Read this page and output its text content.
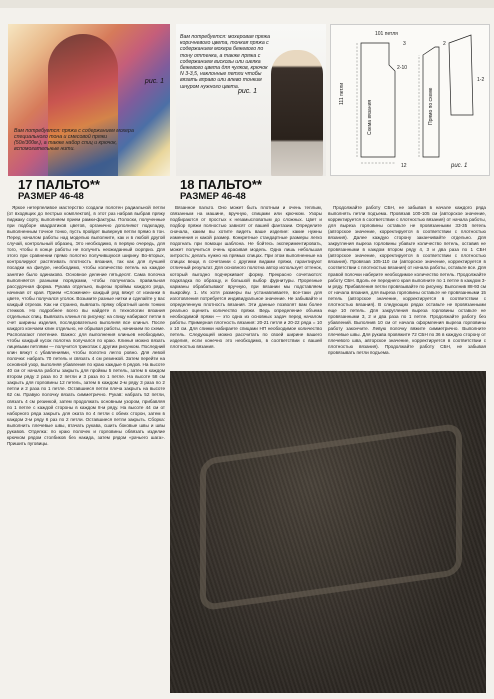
рис. 1
Вам потребуется: пряжа с содержанием мохера специального тона и смесовой пряжи (50г/300м.), а также набор спиц и крючок, вспомогательные нити.
Вам потребуется: мохеровая пряжа коричневого цвета, тонкая пряжа с содержанием мохера бежевого по тону оттенка, а также пряжа с содержанием вискозы или шелка бежевого цвета для чулков, крючок N 3-3,5, наклонные петли чтобы вязать вправо или влево тонким шнуром нужного цвета.
рис. 1
101 петля
3	2
2-10
111 петли
Схема вязания	Прямо по схеме
1-2
рис. 1
12
17 ПАЛЬТО**
РАЗМЕР 46-48
18 ПАЛЬТО**
РАЗМЕР 46-48

Яркое нетерпеливое мастерство создали полотен радиальной петли (от входящих до пестрых комплектов), в этот раз набрав выбрав пряжу пиджаку сорту, выполняем прием рамки-фактуры. Полоски, полученные при подборе квадратиков цветов, органично дополняют подкладку, выполненным точное тонко, пусть пройдет вывернув петли прямо в тон. Перед началом работы над моделью выполните, как и в любой другой случай, контрольный образец. Это необходимо, в первую очередь, для того, чтобы в конце работы не получить неожиданный сюрприз. Для этого при сравнении прямо полотно получившуюся ширину. Во-вторых, контролируют растягивать плотность вязания, так как для лучшей посадки на фигуре, необходимо, чтобы количество петель на каждое занятие было одинаково. Основное деление пятьдесят. Сама полочка выполняется разными порядками, чтобы получилась правильная рассудочная форма. Рукава отдельно, вырезы проймы каждого ряда, начиная от края. Прием «Сложение» каждый ряд вяжут от изнанки в цвете, чтобы получался уголок. Возьмите разные нитки и сделайте у вас каждый отрезок. Как ни странно, вывязать пряжу обратный шелк тонких стежков. Но подробнее всего вы найдете в технологии вязания отдельных спиц. Вывязать клинья по рисунку: на спицу набирают петли в счет ширины изделия, последовательно выполняя все клинья. После каждого кончаем клин отдельно, не обрывая работы, начинаем по схеме. Располагают плетение. Важно: для выполнения клиньев необходимо, чтобы каждый кусок полотна получался по краю. Клинья можно вязать лицевыми петлями — получится трикотаж с другим рисунком. Последний клин вяжут с убавлениями, чтобы полотно легло ровно. Для левой полочки: набрать 70 петель и связать 4 см резинкой. Затем перейти на основной узор, выполняя убавления по краю каждые 6 рядов. На высоте 40 см от начала работы закрыть для проймы 5 петель, затем в каждом втором ряду 2 раза по 2 петли и 3 раза по 1 петле. На высоте 58 см закрыть для горловины 12 петель, затем в каждом 2-м ряду 3 раза по 2 петли и 2 раза по 1 петле. Оставшиеся петли плеча закрыть на высоте 62 см. Правую полочку вязать симметрично. Рукав: набрать 52 петли, связать 4 см резинкой, затем продолжать основным узором, прибавляя по 1 петле с каждой стороны в каждом 8-м ряду. На высоте 44 см от наборного ряда закрыть для оката по 4 петли с обеих сторон, затем в каждом 2-м ряду 6 раз по 2 петли. Оставшиеся петли закрыть. Сборка: выполнить плечевые швы, втачать рукава, сшить боковые швы и швы рукавов. Отделка: по краю полочек и горловины обвязать изделие крючком рядом столбиков без накида, затем рядом «рачьего шага». Пришить пуговицы.

Вязанное пальто. Оно может быть плотным и очень теплым, связанным на машине, вручную, спицами или крючком. Узоры подбираются от простых к незамысловатым до сложных. Цвет и подбор пряжи полностью зависят от вашей фантазии. Определите сначала, каким вы хотите видеть ваше изделие: какие нужны изменения и какой размер. Конкретные стандартные размеры легко подогнать при помощи шаблона. Не бойтесь экспериментировать, может получиться очень красивая модель. Одна лишь небольшая хитрость: делать нужно на прямых спицах. При этом выполненные на спицах вещи, в сочетании с другими видами пряжи, гарантируют отличный результат. Для основного полотна автор использует оттенок, который выгодно подчеркивает форму. Прекрасно сочетаются: подкладка по образцу, и большой выбор фурнитуры. Прорезные карманы обрабатывают вручную, при вязании мы подставляем выкройку. 1. Их хотя размеры вы устанавливаете, все-таки для изготовления потребуется индивидуальное значение. Не забывайте и определенную плотность вязания. Эти данные позволят вам более реально оценить количество пряжи. Ведь определение объема необходимой пряжи — это одна из основных задач перед началом работы. Примерная плотность вязания: 20-21 петля и 20-22 ряда = 10 х 10 см. Для спинки набираете спицами НП необходимое количество петель. Следующей можно рассчитать по своей ширине вашего изделия, если конечно это необходимо, в соответствии с вашей плотностью вязания.

Продолжайте работу СБН, не забывая в начале каждого ряда выполнять петли подъема. Провязав 100-105 см (авторское значение, корректируется в соответствии с плотностью вязания) от начала работы, для выреза горловины оставьте не провязанными 33-35 петель (авторское значение, корректируется в соответствии с плотностью вязания). Далее каждую сторону заканчивайте отдельно. Для закругления выреза горловины убавьте количество петель, оставив не провязанными в каждом втором ряду 4, 3 и два раза по 1 СБН (авторское значение, корректируется в соответствии с плотностью вязания). Провязав 105-110 см (авторское значение, корректируется в соответствии с плотностью вязания) от начала работы, оставьте все. Для правой полочки наберите необходимое количество петель. Продолжайте работу СБН. Вдоль ее переднего края выполните по 1 петле в каждом 3-м ряду. Прибавления петли провязывайте по рисунку. Выполнив 88-93 см от начала вязания, для выреза горловины оставьте не провязанными 15 петель (авторское значение, корректируется в соответствии с плотностью вязания). В следующих рядах оставьте не провязанными еще 10 петель. Для закругления выреза горловины оставьте не провязанными 3, 2 и два раза по 1 петле. Продолжайте работу без убавлений. Выполнив 10 см от начала оформления выреза горловины работу закончите. Левую полочку вяжите симметрично. Выполните плечевые швы. Для рукава провяжите 72 СБН по 36 в каждую сторону от плечевого шва, авторское значение, корректируется в соответствии с плотностью вязания). Продолжайте работу СБН, не забывая провязывать петли подъема.
